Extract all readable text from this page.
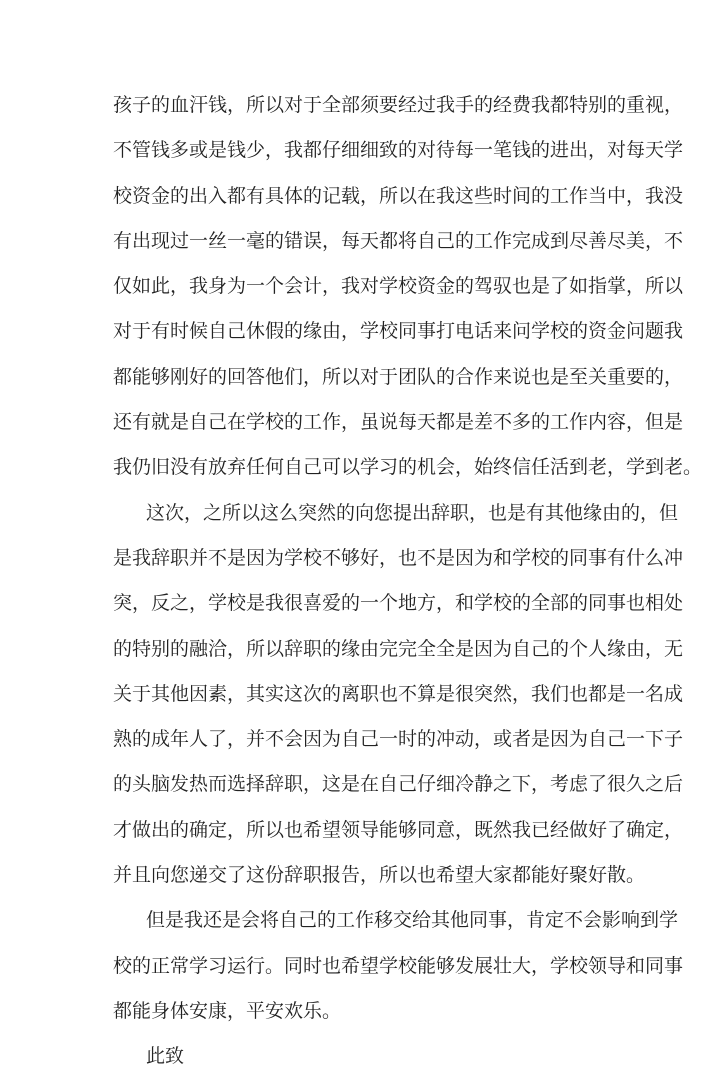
孩子的血汗钱，所以对于全部须要经过我手的经费我都特别的重视，
不管钱多或是钱少，我都仔细细致的对待每一笔钱的进出，对每天学
校资金的出入都有具体的记载，所以在我这些时间的工作当中，我没
有出现过一丝一毫的错误，每天都将自己的工作完成到尽善尽美，不
仅如此，我身为一个会计，我对学校资金的驾驭也是了如指掌，所以
对于有时候自己休假的缘由，学校同事打电话来问学校的资金问题我
都能够刚好的回答他们，所以对于团队的合作来说也是至关重要的，
还有就是自己在学校的工作，虽说每天都是差不多的工作内容，但是
我仍旧没有放弃任何自己可以学习的机会，始终信任活到老，学到老。
这次，之所以这么突然的向您提出辞职，也是有其他缘由的，但
是我辞职并不是因为学校不够好，也不是因为和学校的同事有什么冲
突，反之，学校是我很喜爱的一个地方，和学校的全部的同事也相处
的特别的融洽，所以辞职的缘由完完全全是因为自己的个人缘由，无
关于其他因素，其实这次的离职也不算是很突然，我们也都是一名成
熟的成年人了，并不会因为自己一时的冲动，或者是因为自己一下子
的头脑发热而选择辞职，这是在自己仔细冷静之下，考虑了很久之后
才做出的确定，所以也希望领导能够同意，既然我已经做好了确定，
并且向您递交了这份辞职报告，所以也希望大家都能好聚好散。
但是我还是会将自己的工作移交给其他同事，肯定不会影响到学
校的正常学习运行。同时也希望学校能够发展壮大，学校领导和同事
都能身体安康，平安欢乐。
此致
